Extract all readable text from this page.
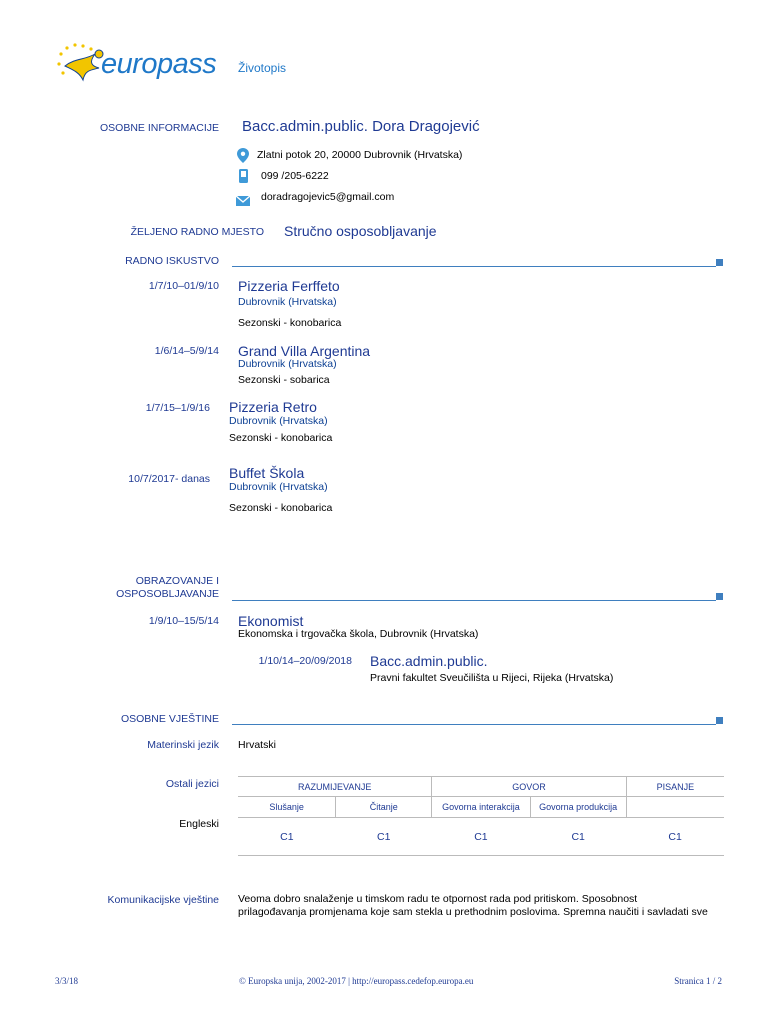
europass Životopis
OSOBNE INFORMACIJE Bacc.admin.public. Dora Dragojević
Zlatni potok 20, 20000 Dubrovnik (Hrvatska)
099 /205-6222
doradragojevic5@gmail.com
ŽELJENO RADNO MJESTO Stručno osposobljavanje
RADNO ISKUSTVO
1/7/10–01/9/10 Pizzeria Ferffeto
Dubrovnik (Hrvatska)
Sezonski - konobarica
1/6/14–5/9/14 Grand Villa Argentina
Dubrovnik (Hrvatska)
Sezonski - sobarica
1/7/15–1/9/16 Pizzeria Retro
Dubrovnik (Hrvatska)
Sezonski - konobarica
10/7/2017- danas Buffet Škola
Dubrovnik (Hrvatska)
Sezonski - konobarica
OBRAZOVANJE I
OSPOSOBLJAVANJE
1/9/10–15/5/14 Ekonomist
Ekonomska i trgovačka škola, Dubrovnik (Hrvatska)
1/10/14–20/09/2018 Bacc.admin.public.
Pravni fakultet Sveučilišta u Rijeci, Rijeka (Hrvatska)
OSOBNE VJEŠTINE
Materinski jezik Hrvatski
Ostali jezici
Engleski
RAZUMIJEVANJE		GOVOR		PISANJE
Slušanje	Čitanje	Govorna interakcija	Govorna produkcija	
C1	C1	C1	C1	C1
Komunikacijske vještine Veoma dobro snalaženje u timskom radu te otpornost rada pod pritiskom. Sposobnost
prilagođavanja promjenama koje sam stekla u prethodnim poslovima. Spremna naučiti i savladati sve
3/3/18	© Europska unija, 2002-2017 | http://europass.cedefop.europa.eu	Stranica 1 / 2
